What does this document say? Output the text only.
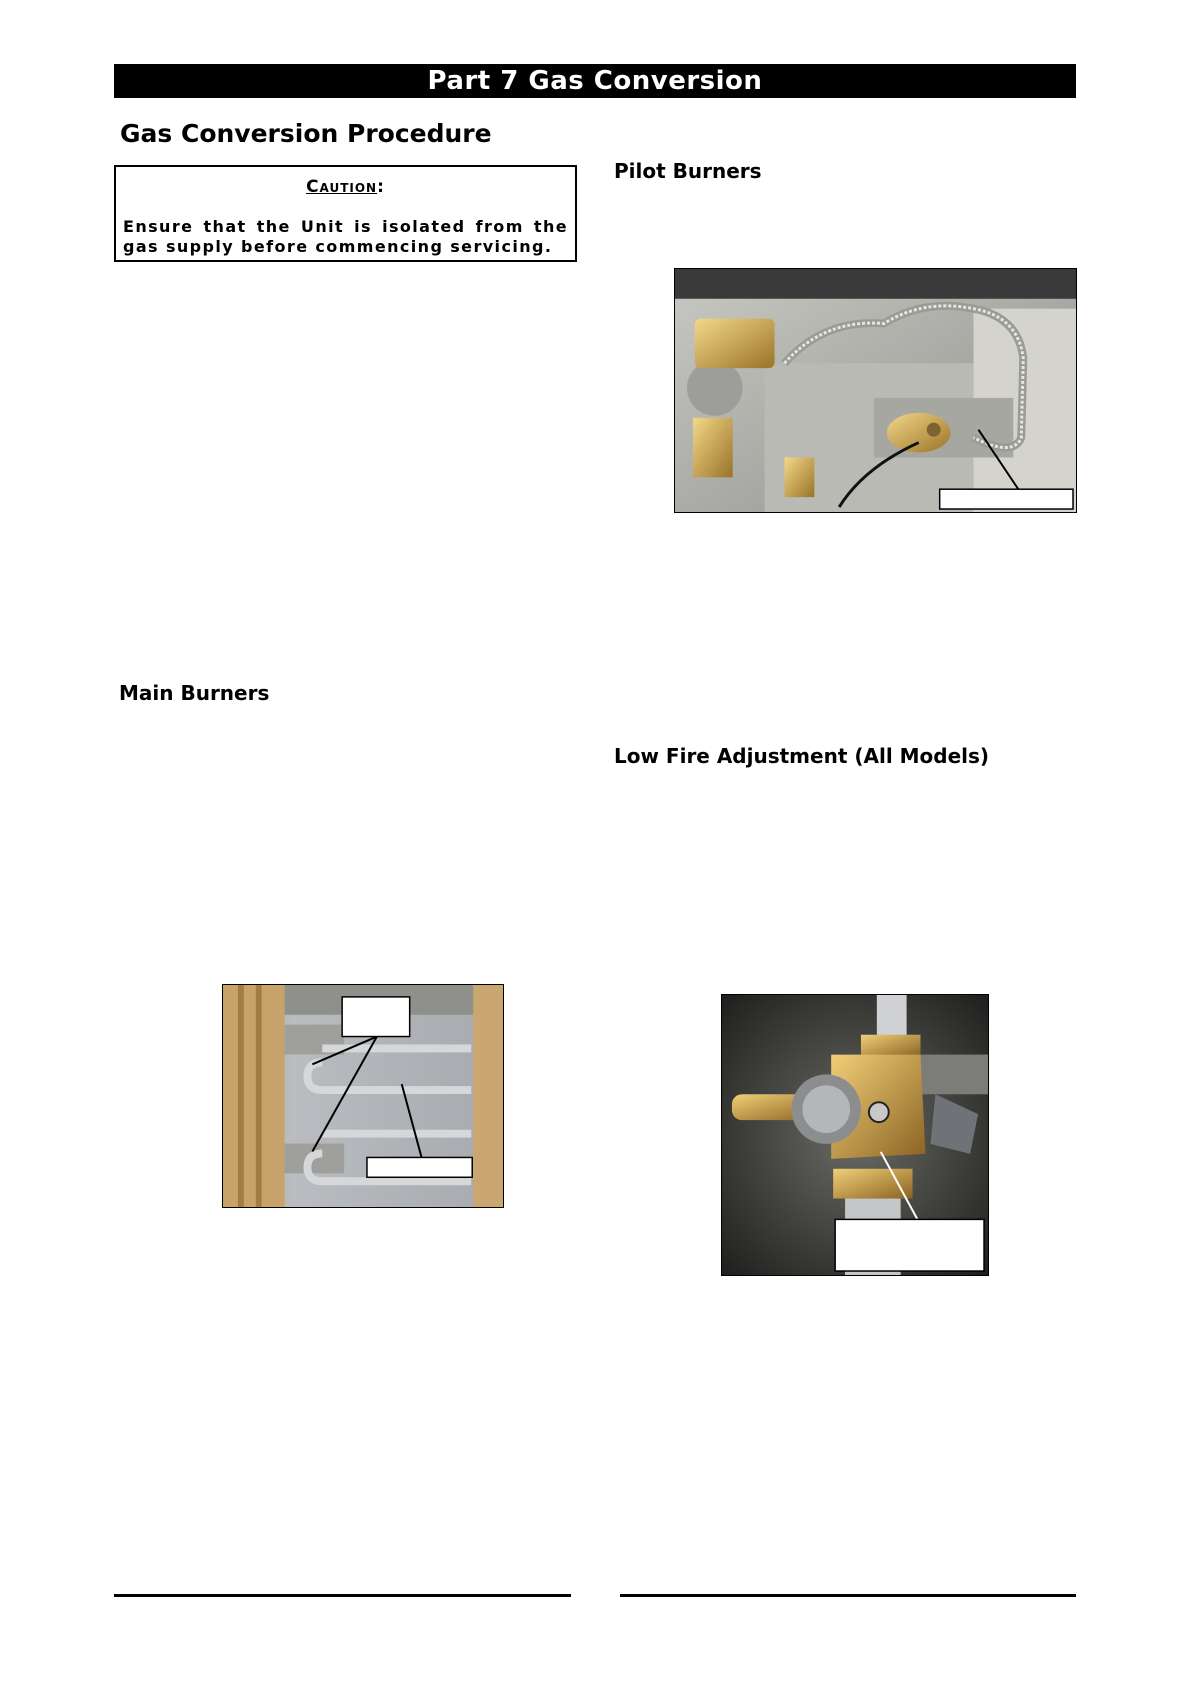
Part 7 Gas Conversion
Gas Conversion Procedure
Caution:
Ensure that the Unit is isolated from the gas supply before commencing servicing.
Pilot Burners
Main Burners
Low Fire Adjustment (All Models)
